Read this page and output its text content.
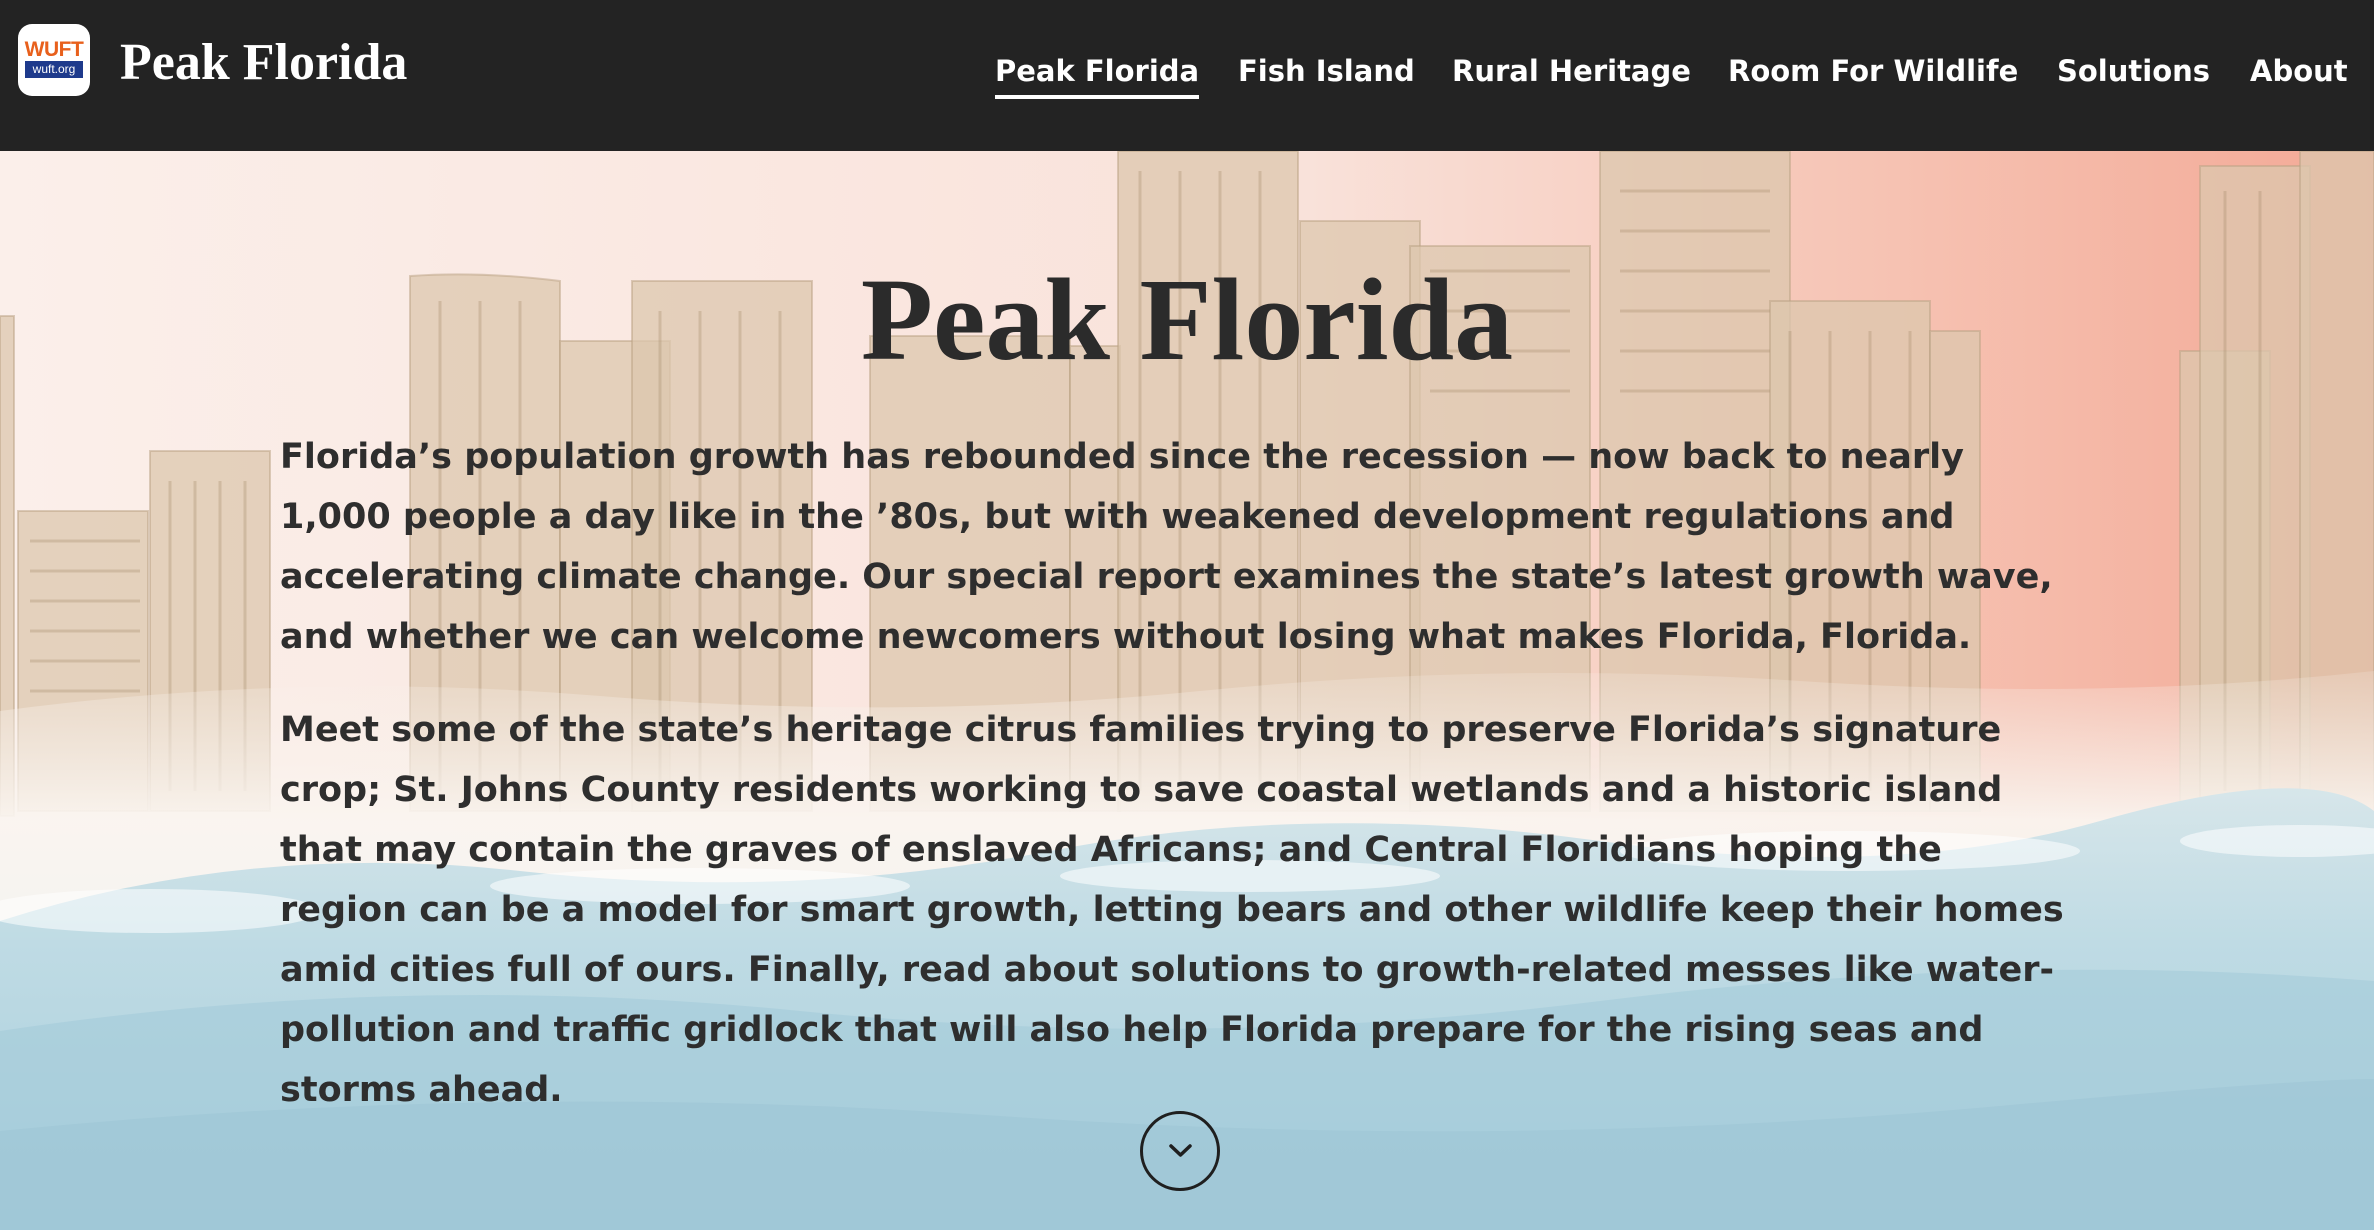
WUFT
wuft.org Peak Florida	Peak Florida Fish Island Rural Heritage Room For Wildlife Solutions About
Peak Florida

Florida’s population growth has rebounded since the recession — now back to nearly 1,000 people a day like in the ’80s, but with weakened development regulations and accelerating climate change. Our special report examines the state’s latest growth wave, and whether we can welcome newcomers without losing what makes Florida, Florida.

Meet some of the state’s heritage citrus families trying to preserve Florida’s signature crop; St. Johns County residents working to save coastal wetlands and a historic island that may contain the graves of enslaved Africans; and Central Floridians hoping the region can be a model for smart growth, letting bears and other wildlife keep their homes amid cities full of ours. Finally, read about solutions to growth-related messes like water-pollution and traffic gridlock that will also help Florida prepare for the rising seas and storms ahead.
